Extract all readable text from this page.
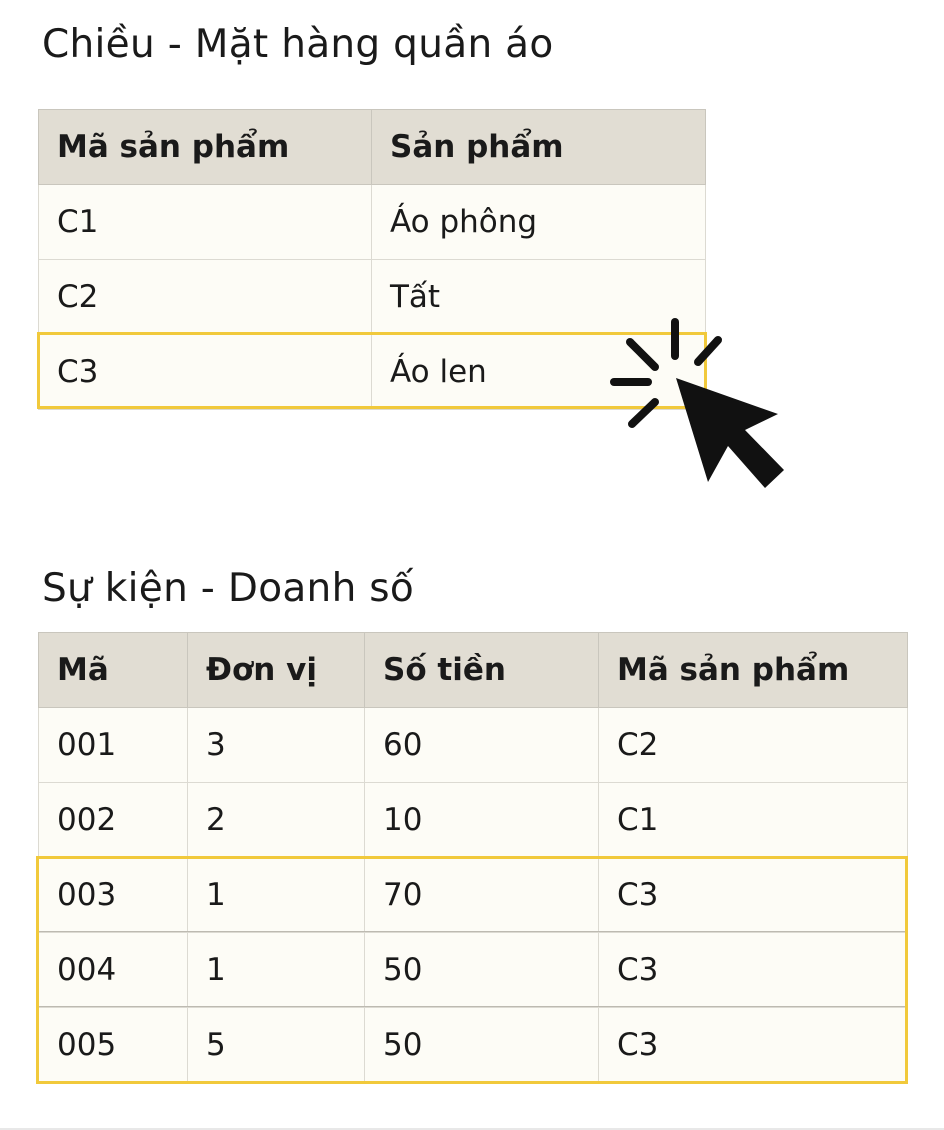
Chiều - Mặt hàng quần áo
Mã sản phẩm	Sản phẩm
C1	Áo phông
C2	Tất
C3	Áo len
Sự kiện - Doanh số
Mã	Đơn vị	Số tiền	Mã sản phẩm
001	3	60	C2
002	2	10	C1
003	1	70	C3
004	1	50	C3
005	5	50	C3
